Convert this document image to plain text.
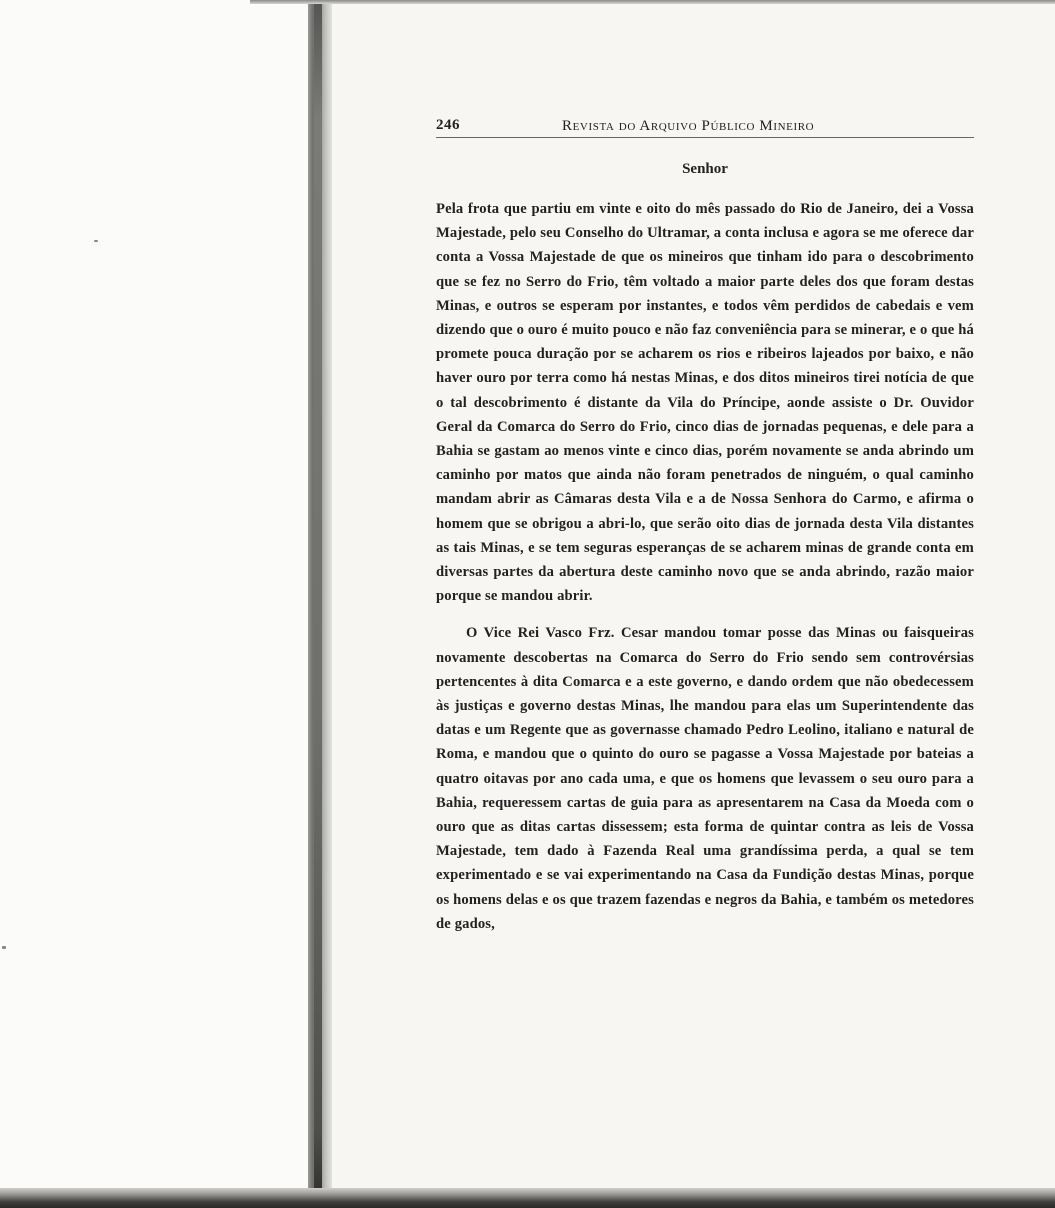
246	Revista do Arquivo Público Mineiro
Senhor

Pela frota que partiu em vinte e oito do mês passado do Rio de Janeiro, dei a Vossa Majestade, pelo seu Conselho do Ultramar, a conta inclusa e agora se me oferece dar conta a Vossa Majestade de que os mineiros que tinham ido para o descobrimento que se fez no Serro do Frio, têm voltado a maior parte deles dos que foram destas Minas, e outros se esperam por instantes, e todos vêm perdidos de cabedais e vem dizendo que o ouro é muito pouco e não faz conveniência para se minerar, e o que há promete pouca duração por se acharem os rios e ribeiros lajeados por baixo, e não haver ouro por terra como há nestas Minas, e dos ditos mineiros tirei notícia de que o tal descobrimento é distante da Vila do Príncipe, aonde assiste o Dr. Ouvidor Geral da Comarca do Serro do Frio, cinco dias de jornadas pequenas, e dele para a Bahia se gastam ao menos vinte e cinco dias, porém novamente se anda abrindo um caminho por matos que ainda não foram penetrados de ninguém, o qual caminho mandam abrir as Câmaras desta Vila e a de Nossa Senhora do Carmo, e afirma o homem que se obrigou a abri-lo, que serão oito dias de jornada desta Vila distantes as tais Minas, e se tem seguras esperanças de se acharem minas de grande conta em diversas partes da abertura deste caminho novo que se anda abrindo, razão maior porque se mandou abrir.

O Vice Rei Vasco Frz. Cesar mandou tomar posse das Minas ou faisqueiras novamente descobertas na Comarca do Serro do Frio sendo sem controvérsias pertencentes à dita Comarca e a este governo, e dando ordem que não obedecessem às justiças e governo destas Minas, lhe mandou para elas um Superintendente das datas e um Regente que as governasse chamado Pedro Leolino, italiano e natural de Roma, e mandou que o quinto do ouro se pagasse a Vossa Majestade por bateias a quatro oitavas por ano cada uma, e que os homens que levassem o seu ouro para a Bahia, requeressem cartas de guia para as apresentarem na Casa da Moeda com o ouro que as ditas cartas dissessem; esta forma de quintar contra as leis de Vossa Majestade, tem dado à Fazenda Real uma grandíssima perda, a qual se tem experimentado e se vai experimentando na Casa da Fundição destas Minas, porque os homens delas e os que trazem fazendas e negros da Bahia, e também os metedores de gados,
